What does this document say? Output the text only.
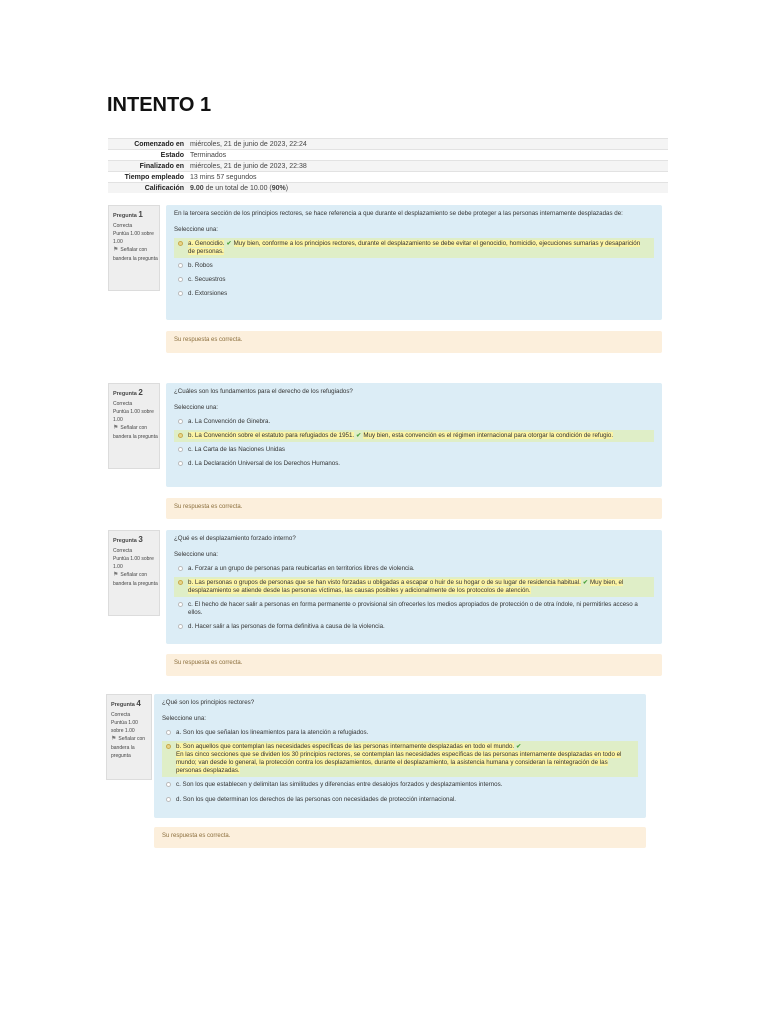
INTENTO 1
Comenzado en	miércoles, 21 de junio de 2023, 22:24
Estado	Terminados
Finalizado en	miércoles, 21 de junio de 2023, 22:38
Tiempo empleado	13 mins 57 segundos
Calificación	9.00 de un total de 10.00 (90%)
Pregunta 1
Correcta
Puntúa 1.00 sobre 1.00
⚑ Señalar con bandera la pregunta

En la tercera sección de los principios rectores, se hace referencia a que durante el desplazamiento se debe proteger a las personas internamente desplazadas de:

Seleccione una:

a. Genocidio. ✔ Muy bien, conforme a los principios rectores, durante el desplazamiento se debe evitar el genocidio, homicidio, ejecuciones sumarias y desaparición de personas.
b. Robos
c. Secuestros
d. Extorsiones
Su respuesta es correcta.
Pregunta 2
Correcta
Puntúa 1.00 sobre 1.00
⚑ Señalar con bandera la pregunta

¿Cuáles son los fundamentos para el derecho de los refugiados?

Seleccione una:

a. La Convención de Ginebra.
b. La Convención sobre el estatuto para refugiados de 1951. ✔ Muy bien, esta convención es el régimen internacional para otorgar la condición de refugio.
c. La Carta de las Naciones Unidas
d. La Declaración Universal de los Derechos Humanos.
Su respuesta es correcta.
Pregunta 3
Correcta
Puntúa 1.00 sobre 1.00
⚑ Señalar con bandera la pregunta

¿Qué es el desplazamiento forzado interno?

Seleccione una:

a. Forzar a un grupo de personas para reubicarlas en territorios libres de violencia.
b. Las personas o grupos de personas que se han visto forzadas u obligadas a escapar o huir de su hogar o de su lugar de residencia habitual. ✔ Muy bien, el desplazamiento se atiende desde las personas víctimas, las causas posibles y adicionalmente de los protocolos de atención.
c. El hecho de hacer salir a personas en forma permanente o provisional sin ofrecerles los medios apropiados de protección o de otra índole, ni permitirles acceso a ellos.
d. Hacer salir a las personas de forma definitiva a causa de la violencia.
Su respuesta es correcta.
Pregunta 4
Correcta
Puntúa 1.00 sobre 1.00
⚑ Señalar con bandera la pregunta

¿Qué son los principios rectores?

Seleccione una:

a. Son los que señalan los lineamientos para la atención a refugiados.
b. Son aquellos que contemplan las necesidades específicas de las personas internamente desplazadas en todo el mundo. ✔
En las cinco secciones que se dividen los 30 principios rectores, se contemplan las necesidades específicas de las personas internamente desplazadas en todo el mundo; van desde lo general, la protección contra los desplazamientos, durante el desplazamiento, la asistencia humana y consideran la reintegración de las personas desplazadas.
c. Son los que establecen y delimitan las similitudes y diferencias entre desalojos forzados y desplazamientos internos.
d. Son los que determinan los derechos de las personas con necesidades de protección internacional.
Su respuesta es correcta.
